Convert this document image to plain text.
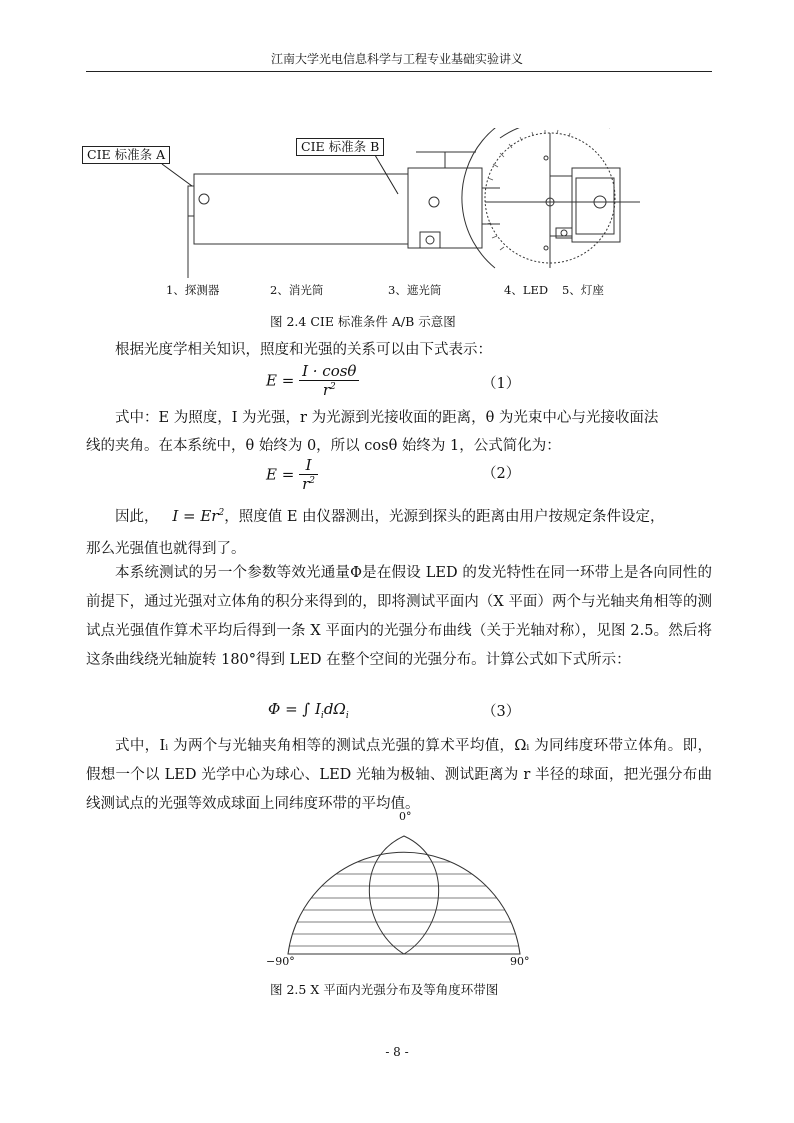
江南大学光电信息科学与工程专业基础实验讲义
CIE 标准条 A
CIE 标准条 B
1、探测器	2、消光筒	3、遮光筒	4、LED 5、灯座
图 2.4 CIE 标准条件 A/B 示意图
根据光度学相关知识，照度和光强的关系可以由下式表示：
$E = \frac{I \cdot \cos\theta}{r^2}$	（1）
式中：E 为照度，I 为光强，r 为光源到光接收面的距离，θ 为光束中心与光接收面法
线的夹角。在本系统中，θ 始终为 0，所以 cosθ 始终为 1，公式简化为：
$E = \frac{I}{r^2}$	（2）
因此， $I = Er^2$，照度值 E 由仪器测出，光源到探头的距离由用户按规定条件设定，
那么光强值也就得到了。
本系统测试的另一个参数等效光通量Φ是在假设 LED 的发光特性在同一环带上是各向同性的前提下，通过光强对立体角的积分来得到的，即将测试平面内（X 平面）两个与光轴夹角相等的测试点光强值作算术平均后得到一条 X 平面内的光强分布曲线（关于光轴对称），见图 2.5。然后将这条曲线绕光轴旋转 180°得到 LED 在整个空间的光强分布。计算公式如下式所示：
Φ = ∫ $I_id\Omega_i$	（3）
式中，Iᵢ 为两个与光轴夹角相等的测试点光强的算术平均值，Ωᵢ 为同纬度环带立体角。即，假想一个以 LED 光学中心为球心、LED 光轴为极轴、测试距离为 r 半径的球面，把光强分布曲线测试点的光强等效成球面上同纬度环带的平均值。
0°
−90°	90°
图 2.5 X 平面内光强分布及等角度环带图
- 8 -
